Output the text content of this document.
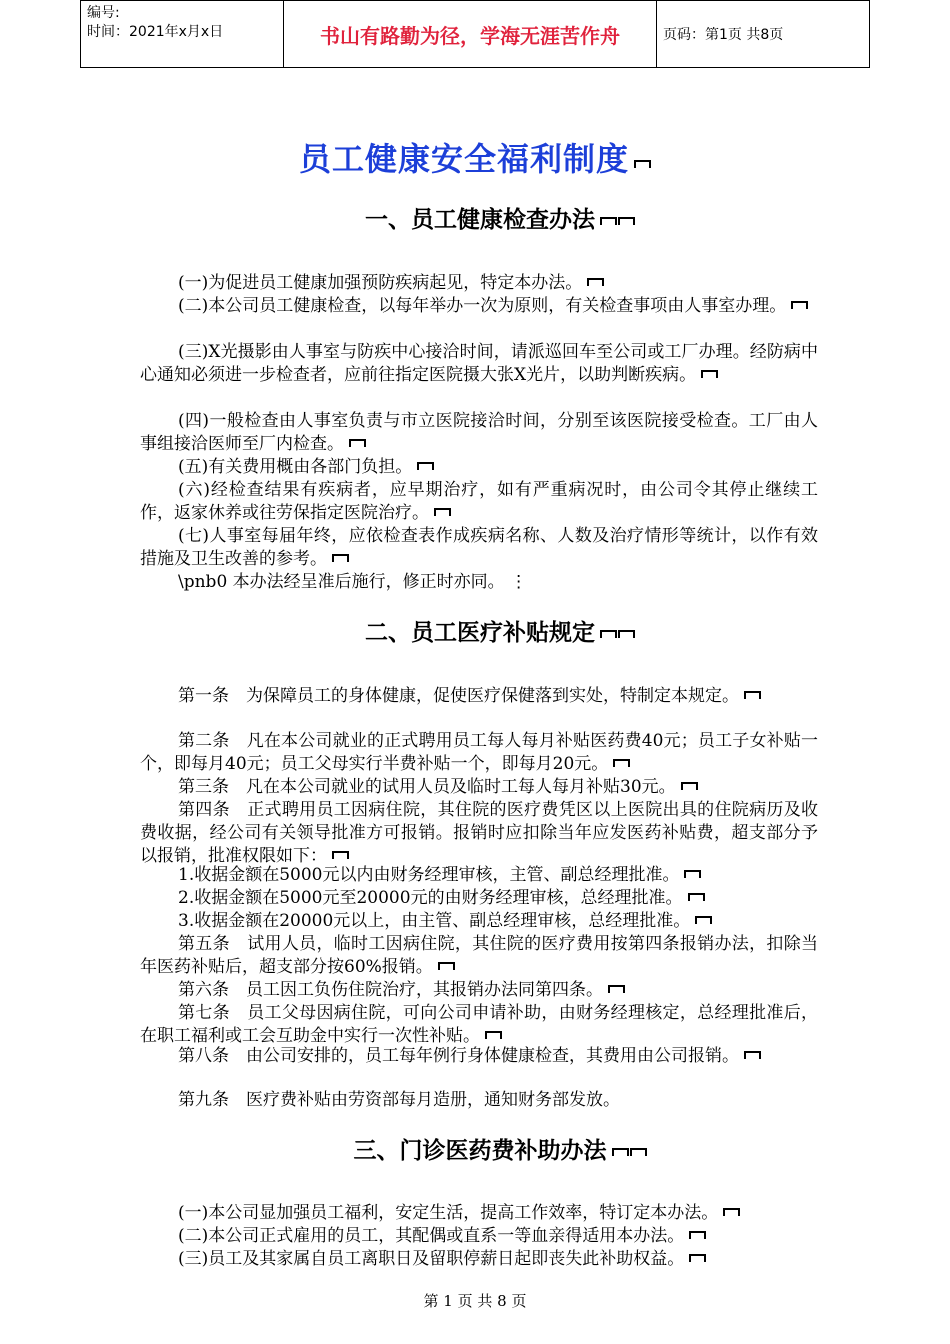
编号:
时间：2021年x月x日	书山有路勤为径，学海无涯苦作舟	页码：第1页 共8页
员工健康安全福利制度
一、员工健康检查办法
(一)为促进员工健康加强预防疾病起见，特定本办法。
(二)本公司员工健康检查，以每年举办一次为原则，有关检查事项由人事室办理。
(三)X光摄影由人事室与防疾中心接洽时间，请派巡回车至公司或工厂办理。经防病中心通知必须进一步检查者，应前往指定医院摄大张X光片，以助判断疾病。
(四)一般检查由人事室负责与市立医院接洽时间，分别至该医院接受检查。工厂由人事组接洽医师至厂内检查。
(五)有关费用概由各部门负担。
(六)经检查结果有疾病者，应早期治疗，如有严重病况时，由公司令其停止继续工作，返家休养或往劳保指定医院治疗。
(七)人事室每届年终，应依检查表作成疾病名称、人数及治疗情形等统计，以作有效措施及卫生改善的参考。
\pnb0 本办法经呈准后施行，修正时亦同。 ⋮
二、员工医疗补贴规定
第一条　为保障员工的身体健康，促使医疗保健落到实处，特制定本规定。
第二条　凡在本公司就业的正式聘用员工每人每月补贴医药费40元；员工子女补贴一个，即每月40元；员工父母实行半费补贴一个，即每月20元。
第三条　凡在本公司就业的试用人员及临时工每人每月补贴30元。
第四条　正式聘用员工因病住院，其住院的医疗费凭区以上医院出具的住院病历及收费收据，经公司有关领导批准方可报销。报销时应扣除当年应发医药补贴费，超支部分予以报销，批准权限如下：
1.收据金额在5000元以内由财务经理审核，主管、副总经理批准。
2.收据金额在5000元至20000元的由财务经理审核，总经理批准。
3.收据金额在20000元以上，由主管、副总经理审核，总经理批准。
第五条　试用人员，临时工因病住院，其住院的医疗费用按第四条报销办法，扣除当年医药补贴后，超支部分按60%报销。
第六条　员工因工负伤住院治疗，其报销办法同第四条。
第七条　员工父母因病住院，可向公司申请补助，由财务经理核定，总经理批准后，在职工福利或工会互助金中实行一次性补贴。
第八条　由公司安排的，员工每年例行身体健康检查，其费用由公司报销。
第九条　医疗费补贴由劳资部每月造册，通知财务部发放。
三、门诊医药费补助办法
(一)本公司显加强员工福利，安定生活，提高工作效率，特订定本办法。
(二)本公司正式雇用的员工，其配偶或直系一等血亲得适用本办法。
(三)员工及其家属自员工离职日及留职停薪日起即丧失此补助权益。
第 1 页 共 8 页
